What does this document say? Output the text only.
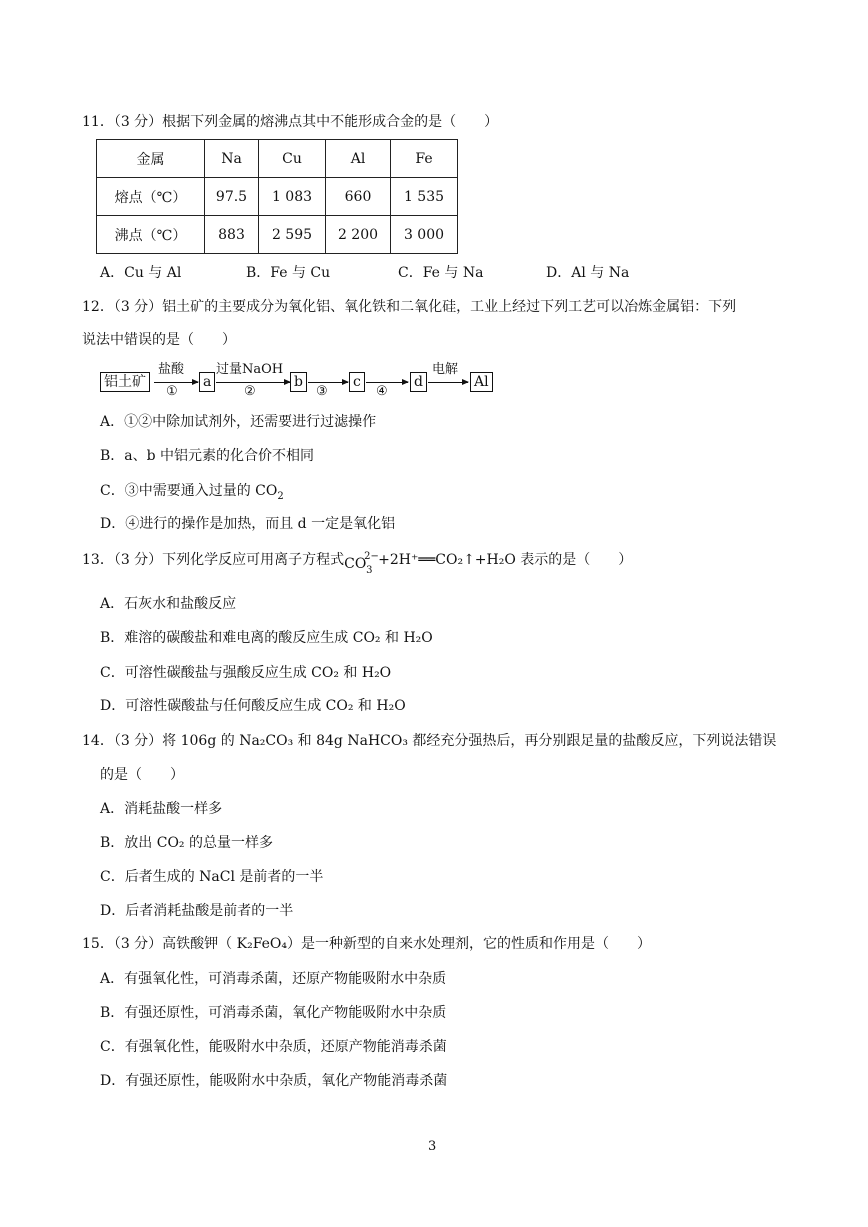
11．（3 分）根据下列金属的熔沸点其中不能形成合金的是（　　）
金属	Na	Cu	Al	Fe
熔点（℃）	97.5	1 083	660	1 535
沸点（℃）	883	2 595	2 200	3 000
A．Cu 与 Al	B．Fe 与 Cu	C．Fe 与 Na	D．Al 与 Na
12．（3 分）铝土矿的主要成分为氧化铝、氧化铁和二氧化硅，工业上经过下列工艺可以冶炼金属铝：下列
说法中错误的是（　　）
铝土矿
盐酸
①
a
过量NaOH
②
b
③
c
④
d
电解
Al
A．①②中除加试剂外，还需要进行过滤操作
B．a、b 中铝元素的化合价不相同
C．③中需要通入过量的 $CO_2$
D．④进行的操作是加热，而且 d 一定是氧化铝
13．（3 分）下列化学反应可用离子方程式 CO
2−
3
+2H⁺══CO₂↑+H₂O 表示的是（　　）
A．石灰水和盐酸反应
B．难溶的碳酸盐和难电离的酸反应生成 CO₂ 和 H₂O
C．可溶性碳酸盐与强酸反应生成 CO₂ 和 H₂O
D．可溶性碳酸盐与任何酸反应生成 CO₂ 和 H₂O
14．（3 分）将 106g 的 Na₂CO₃ 和 84g NaHCO₃ 都经充分强热后，再分别跟足量的盐酸反应，下列说法错误
的是（　　）
A．消耗盐酸一样多
B．放出 CO₂ 的总量一样多
C．后者生成的 NaCl 是前者的一半
D．后者消耗盐酸是前者的一半
15．（3 分）高铁酸钾（ K₂FeO₄）是一种新型的自来水处理剂，它的性质和作用是（　　）
A．有强氧化性，可消毒杀菌，还原产物能吸附水中杂质
B．有强还原性，可消毒杀菌，氧化产物能吸附水中杂质
C．有强氧化性，能吸附水中杂质，还原产物能消毒杀菌
D．有强还原性，能吸附水中杂质，氧化产物能消毒杀菌
3
